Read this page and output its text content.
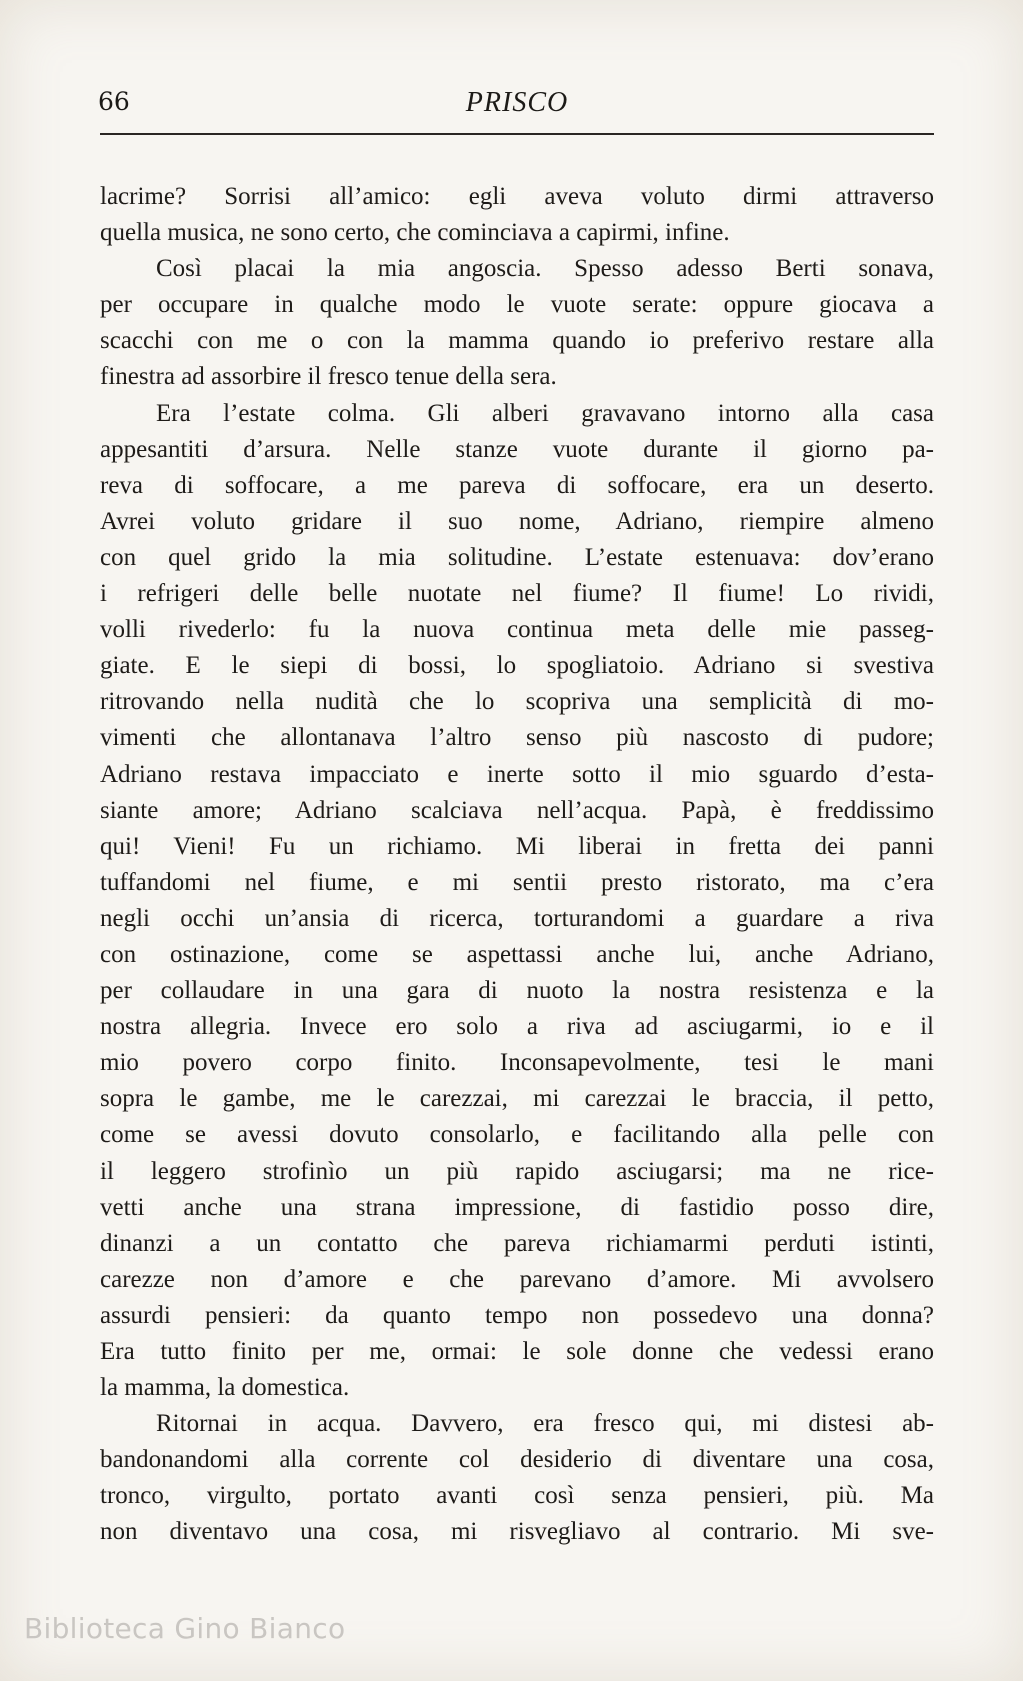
66	PRISCO
lacrime? Sorrisi all’amico: egli aveva voluto dirmi attraverso
quella musica, ne sono certo, che cominciava a capirmi, infine.
Così placai la mia angoscia. Spesso adesso Berti sonava,
per occupare in qualche modo le vuote serate: oppure giocava a
scacchi con me o con la mamma quando io preferivo restare alla
finestra ad assorbire il fresco tenue della sera.
Era l’estate colma. Gli alberi gravavano intorno alla casa
appesantiti d’arsura. Nelle stanze vuote durante il giorno pa-
reva di soffocare, a me pareva di soffocare, era un deserto.
Avrei voluto gridare il suo nome, Adriano, riempire almeno
con quel grido la mia solitudine. L’estate estenuava: dov’erano
i refrigeri delle belle nuotate nel fiume? Il fiume! Lo rividi,
volli rivederlo: fu la nuova continua meta delle mie passeg-
giate. E le siepi di bossi, lo spogliatoio. Adriano si svestiva
ritrovando nella nudità che lo scopriva una semplicità di mo-
vimenti che allontanava l’altro senso più nascosto di pudore;
Adriano restava impacciato e inerte sotto il mio sguardo d’esta-
siante amore; Adriano scalciava nell’acqua. Papà, è freddissimo
qui! Vieni! Fu un richiamo. Mi liberai in fretta dei panni
tuffandomi nel fiume, e mi sentii presto ristorato, ma c’era
negli occhi un’ansia di ricerca, torturandomi a guardare a riva
con ostinazione, come se aspettassi anche lui, anche Adriano,
per collaudare in una gara di nuoto la nostra resistenza e la
nostra allegria. Invece ero solo a riva ad asciugarmi, io e il
mio povero corpo finito. Inconsapevolmente, tesi le mani
sopra le gambe, me le carezzai, mi carezzai le braccia, il petto,
come se avessi dovuto consolarlo, e facilitando alla pelle con
il leggero strofinìo un più rapido asciugarsi; ma ne rice-
vetti anche una strana impressione, di fastidio posso dire,
dinanzi a un contatto che pareva richiamarmi perduti istinti,
carezze non d’amore e che parevano d’amore. Mi avvolsero
assurdi pensieri: da quanto tempo non possedevo una donna?
Era tutto finito per me, ormai: le sole donne che vedessi erano
la mamma, la domestica.
Ritornai in acqua. Davvero, era fresco qui, mi distesi ab-
bandonandomi alla corrente col desiderio di diventare una cosa,
tronco, virgulto, portato avanti così senza pensieri, più. Ma
non diventavo una cosa, mi risvegliavo al contrario. Mi sve-
Biblioteca Gino Bianco
